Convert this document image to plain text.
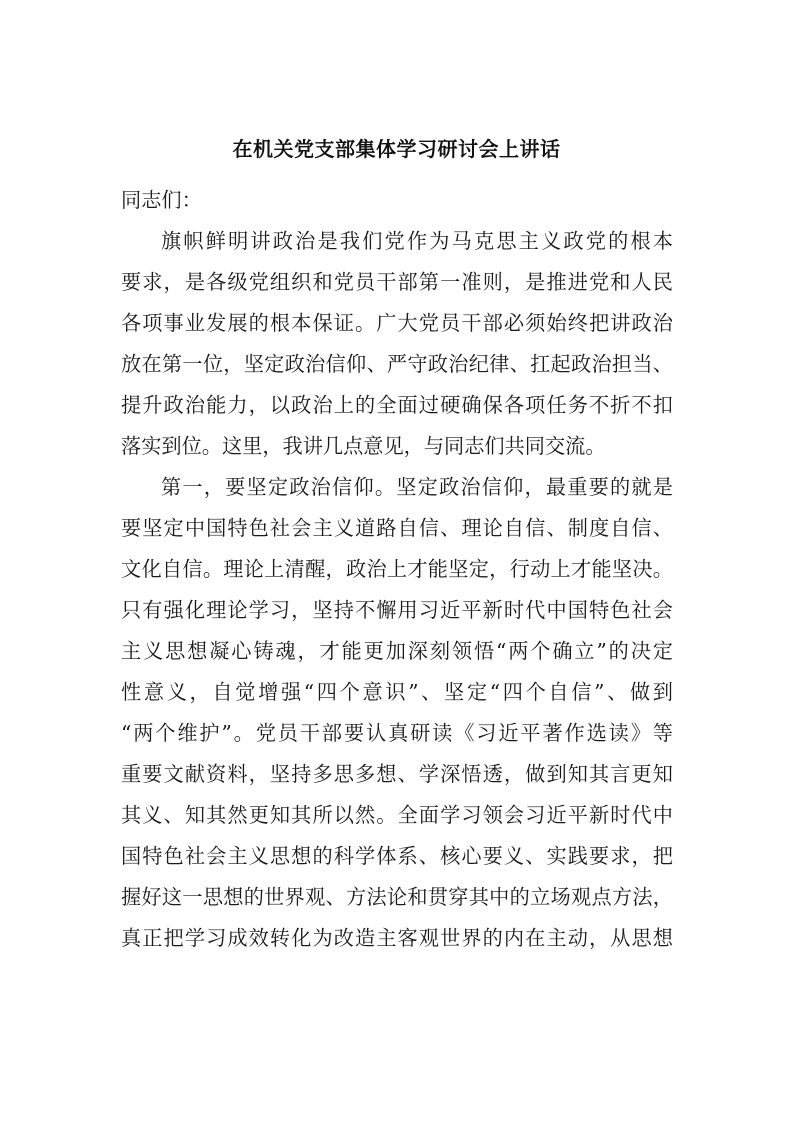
在机关党支部集体学习研讨会上讲话
同志们：
旗帜鲜明讲政治是我们党作为马克思主义政党的根本
要求，是各级党组织和党员干部第一准则，是推进党和人民
各项事业发展的根本保证。广大党员干部必须始终把讲政治
放在第一位，坚定政治信仰、严守政治纪律、扛起政治担当、
提升政治能力，以政治上的全面过硬确保各项任务不折不扣
落实到位。这里，我讲几点意见，与同志们共同交流。
第一，要坚定政治信仰。坚定政治信仰，最重要的就是
要坚定中国特色社会主义道路自信、理论自信、制度自信、
文化自信。理论上清醒，政治上才能坚定，行动上才能坚决。
只有强化理论学习，坚持不懈用习近平新时代中国特色社会
主义思想凝心铸魂，才能更加深刻领悟“两个确立”的决定
性意义，自觉增强“四个意识”、坚定“四个自信”、做到
“两个维护”。党员干部要认真研读《习近平著作选读》等
重要文献资料，坚持多思多想、学深悟透，做到知其言更知
其义、知其然更知其所以然。全面学习领会习近平新时代中
国特色社会主义思想的科学体系、核心要义、实践要求，把
握好这一思想的世界观、方法论和贯穿其中的立场观点方法，
真正把学习成效转化为改造主客观世界的内在主动，从思想
